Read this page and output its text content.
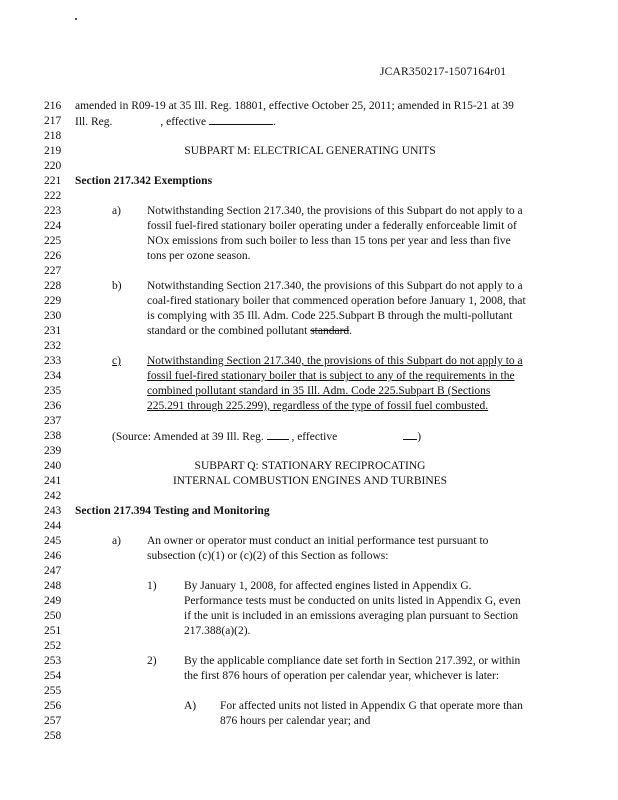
JCAR350217-1507164r01
216
217
218
219
220
221
222
223
224
225
226
227
228
229
230
231
232
233
234
235
236
237
238
239
240
241
242
243
244
245
246
247
248
249
250
251
252
253
254
255
256
257
258
amended in R09-19 at 35 Ill. Reg. 18801, effective October 25, 2011; amended in R15-21 at 39
Ill. Reg.	, effective	.
SUBPART M: ELECTRICAL GENERATING UNITS
Section 217.342 Exemptions
a) Notwithstanding Section 217.340, the provisions of this Subpart do not apply to a
fossil fuel-fired stationary boiler operating under a federally enforceable limit of
NOx emissions from such boiler to less than 15 tons per year and less than five
tons per ozone season.
b) Notwithstanding Section 217.340, the provisions of this Subpart do not apply to a
coal-fired stationary boiler that commenced operation before January 1, 2008, that
is complying with 35 Ill. Adm. Code 225.Subpart B through the multi-pollutant
standard or the combined pollutant standard.
c) Notwithstanding Section 217.340, the provisions of this Subpart do not apply to a
fossil fuel-fired stationary boiler that is subject to any of the requirements in the
combined pollutant standard in 35 Ill. Adm. Code 225.Subpart B (Sections
225.291 through 225.299), regardless of the type of fossil fuel combusted.
(Source: Amended at 39 Ill. Reg. , effective	)
SUBPART Q: STATIONARY RECIPROCATING
INTERNAL COMBUSTION ENGINES AND TURBINES
Section 217.394 Testing and Monitoring
a) An owner or operator must conduct an initial performance test pursuant to
subsection (c)(1) or (c)(2) of this Section as follows:
1) By January 1, 2008, for affected engines listed in Appendix G.
Performance tests must be conducted on units listed in Appendix G, even
if the unit is included in an emissions averaging plan pursuant to Section
217.388(a)(2).
2) By the applicable compliance date set forth in Section 217.392, or within
the first 876 hours of operation per calendar year, whichever is later:
A) For affected units not listed in Appendix G that operate more than
876 hours per calendar year; and
